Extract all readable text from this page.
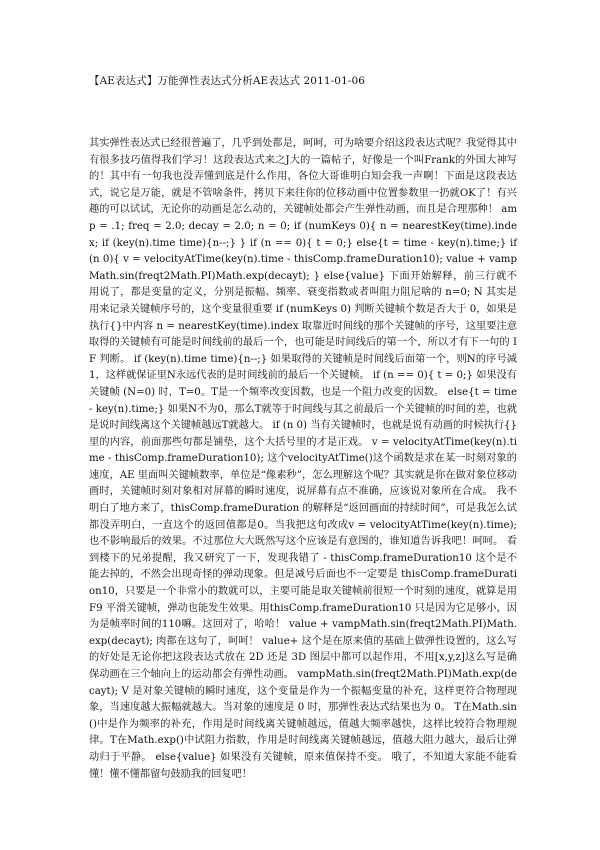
【AE表达式】万能弹性表达式分析AE表达式 2011-01-06

其实弹性表达式已经很普遍了，几乎到处都是，呵呵，可为啥要介绍这段表达式呢？我觉得其中有很多技巧值得我们学习！这段表达式来之J大的一篇帖子，好像是一个叫Frank的外国大神写的！其中有一句我也没弄懂到底是什么作用，各位大哥谁明白知会我一声啊！下面是这段表达式，说它是万能，就是不管啥条件，拷贝下来往你的位移动画中位置参数里一扔就OK了！有兴趣的可以试试，无论你的动画是怎么动的，关键帧处都会产生弹性动画，而且是合理那种！ amp = .1; freq = 2.0; decay = 2.0; n = 0; if (numKeys 0){ n = nearestKey(time).index; if (key(n).time time){n--;} } if (n == 0){ t = 0;} else{t = time - key(n).time;} if (n 0){ v = velocityAtTime(key(n).time - thisComp.frameDuration10); value + vampMath.sin(freqt2Math.PI)Math.exp(decayt); } else{value} 下面开始解释，前三行就不用说了，都是变量的定义，分别是振幅、频率、衰变指数或者叫阻力阻尼啥的 n=0; N 其实是用来记录关键帧序号的，这个变量很重要 if (numKeys 0) 判断关键帧个数是否大于 0，如果是执行{}中内容 n = nearestKey(time).index 取靠近时间线的那个关键帧的序号，这里要注意取得的关键帧有可能是时间线前的最后一个，也可能是时间线后的第一个，所以才有下一句的 IF 判断。 if (key(n).time time){n--;} 如果取得的关键帧是时间线后面第一个，则N的序号减1，这样就保证里N永远代表的是时间线前的最后一个关键帧。 if (n == 0){ t = 0;} 如果没有关键帧 (N=0) 时，T=0。T是一个频率改变因数，也是一个阻力改变的因数。 else{t = time - key(n).time;} 如果N不为0，那么T就等于时间线与其之前最后一个关键帧的时间的差，也就是说时间线离这个关键帧越远T就越大。 if (n 0) 当有关键帧时，也就是说有动画的时候执行{}里的内容，前面那些句都是铺垫，这个大括号里的才是正戏。 v = velocityAtTime(key(n).time - thisComp.frameDuration10); 这个velocityAtTime()这个函数是求在某一时刻对象的速度，AE 里面叫关键帧数率，单位是“像素秒”，怎么理解这个呢？其实就是你在做对象位移动画时，关键帧时刻对象相对屏幕的瞬时速度，说屏幕有点不准确，应该说对象所在合成。 我不明白了地方来了，thisComp.frameDuration 的解释是“返回画面的持续时间”，可是我怎么试都没弄明白，一直这个的返回值都是0。当我把这句改成v = velocityAtTime(key(n).time); 也不影响最后的效果。不过那位大大既然写这个应该是有意图的，谁知道告诉我吧！呵呵。 看到楼下的兄弟提醒，我又研究了一下，发现我错了 - thisComp.frameDuration10 这个是不能去掉的，不然会出现奇怪的弹动现象。但是减号后面也不一定要是 thisComp.frameDuration10，只要是一个非常小的数就可以，主要可能是取关键帧前很短一个时刻的速度，就算是用 F9 平滑关键帧，弹动也能发生效果。用thisComp.frameDuration10 只是因为它足够小，因为是帧率时间的110嘛。这回对了，哈哈！ value + vampMath.sin(freqt2Math.PI)Math.exp(decayt); 肉都在这句了，呵呵！ value+ 这个是在原来值的基础上做弹性设置的，这么写的好处是无论你把这段表达式放在 2D 还是 3D 图层中都可以起作用，不用[x,y,z]这么写是确保动画在三个轴向上的运动都会有弹性动画。 vampMath.sin(freqt2Math.PI)Math.exp(decayt); V 是对象关键帧的瞬时速度，这个变量是作为一个振幅变量的补充，这样更符合物理现象，当速度越大振幅就越大。当对象的速度是 0 时，那弹性表达式结果也为 0。 T在Math.sin()中是作为频率的补充，作用是时间线离关键帧越远，值越大频率越快，这样比较符合物理规律。T在Math.exp()中试阻力指数，作用是时间线离关键帧越远，值越大阻力越大，最后让弹动归于平静。 else{value} 如果没有关键帧，原来值保持不变。 哦了，不知道大家能不能看懂！懂不懂都留句鼓励我的回复吧！
